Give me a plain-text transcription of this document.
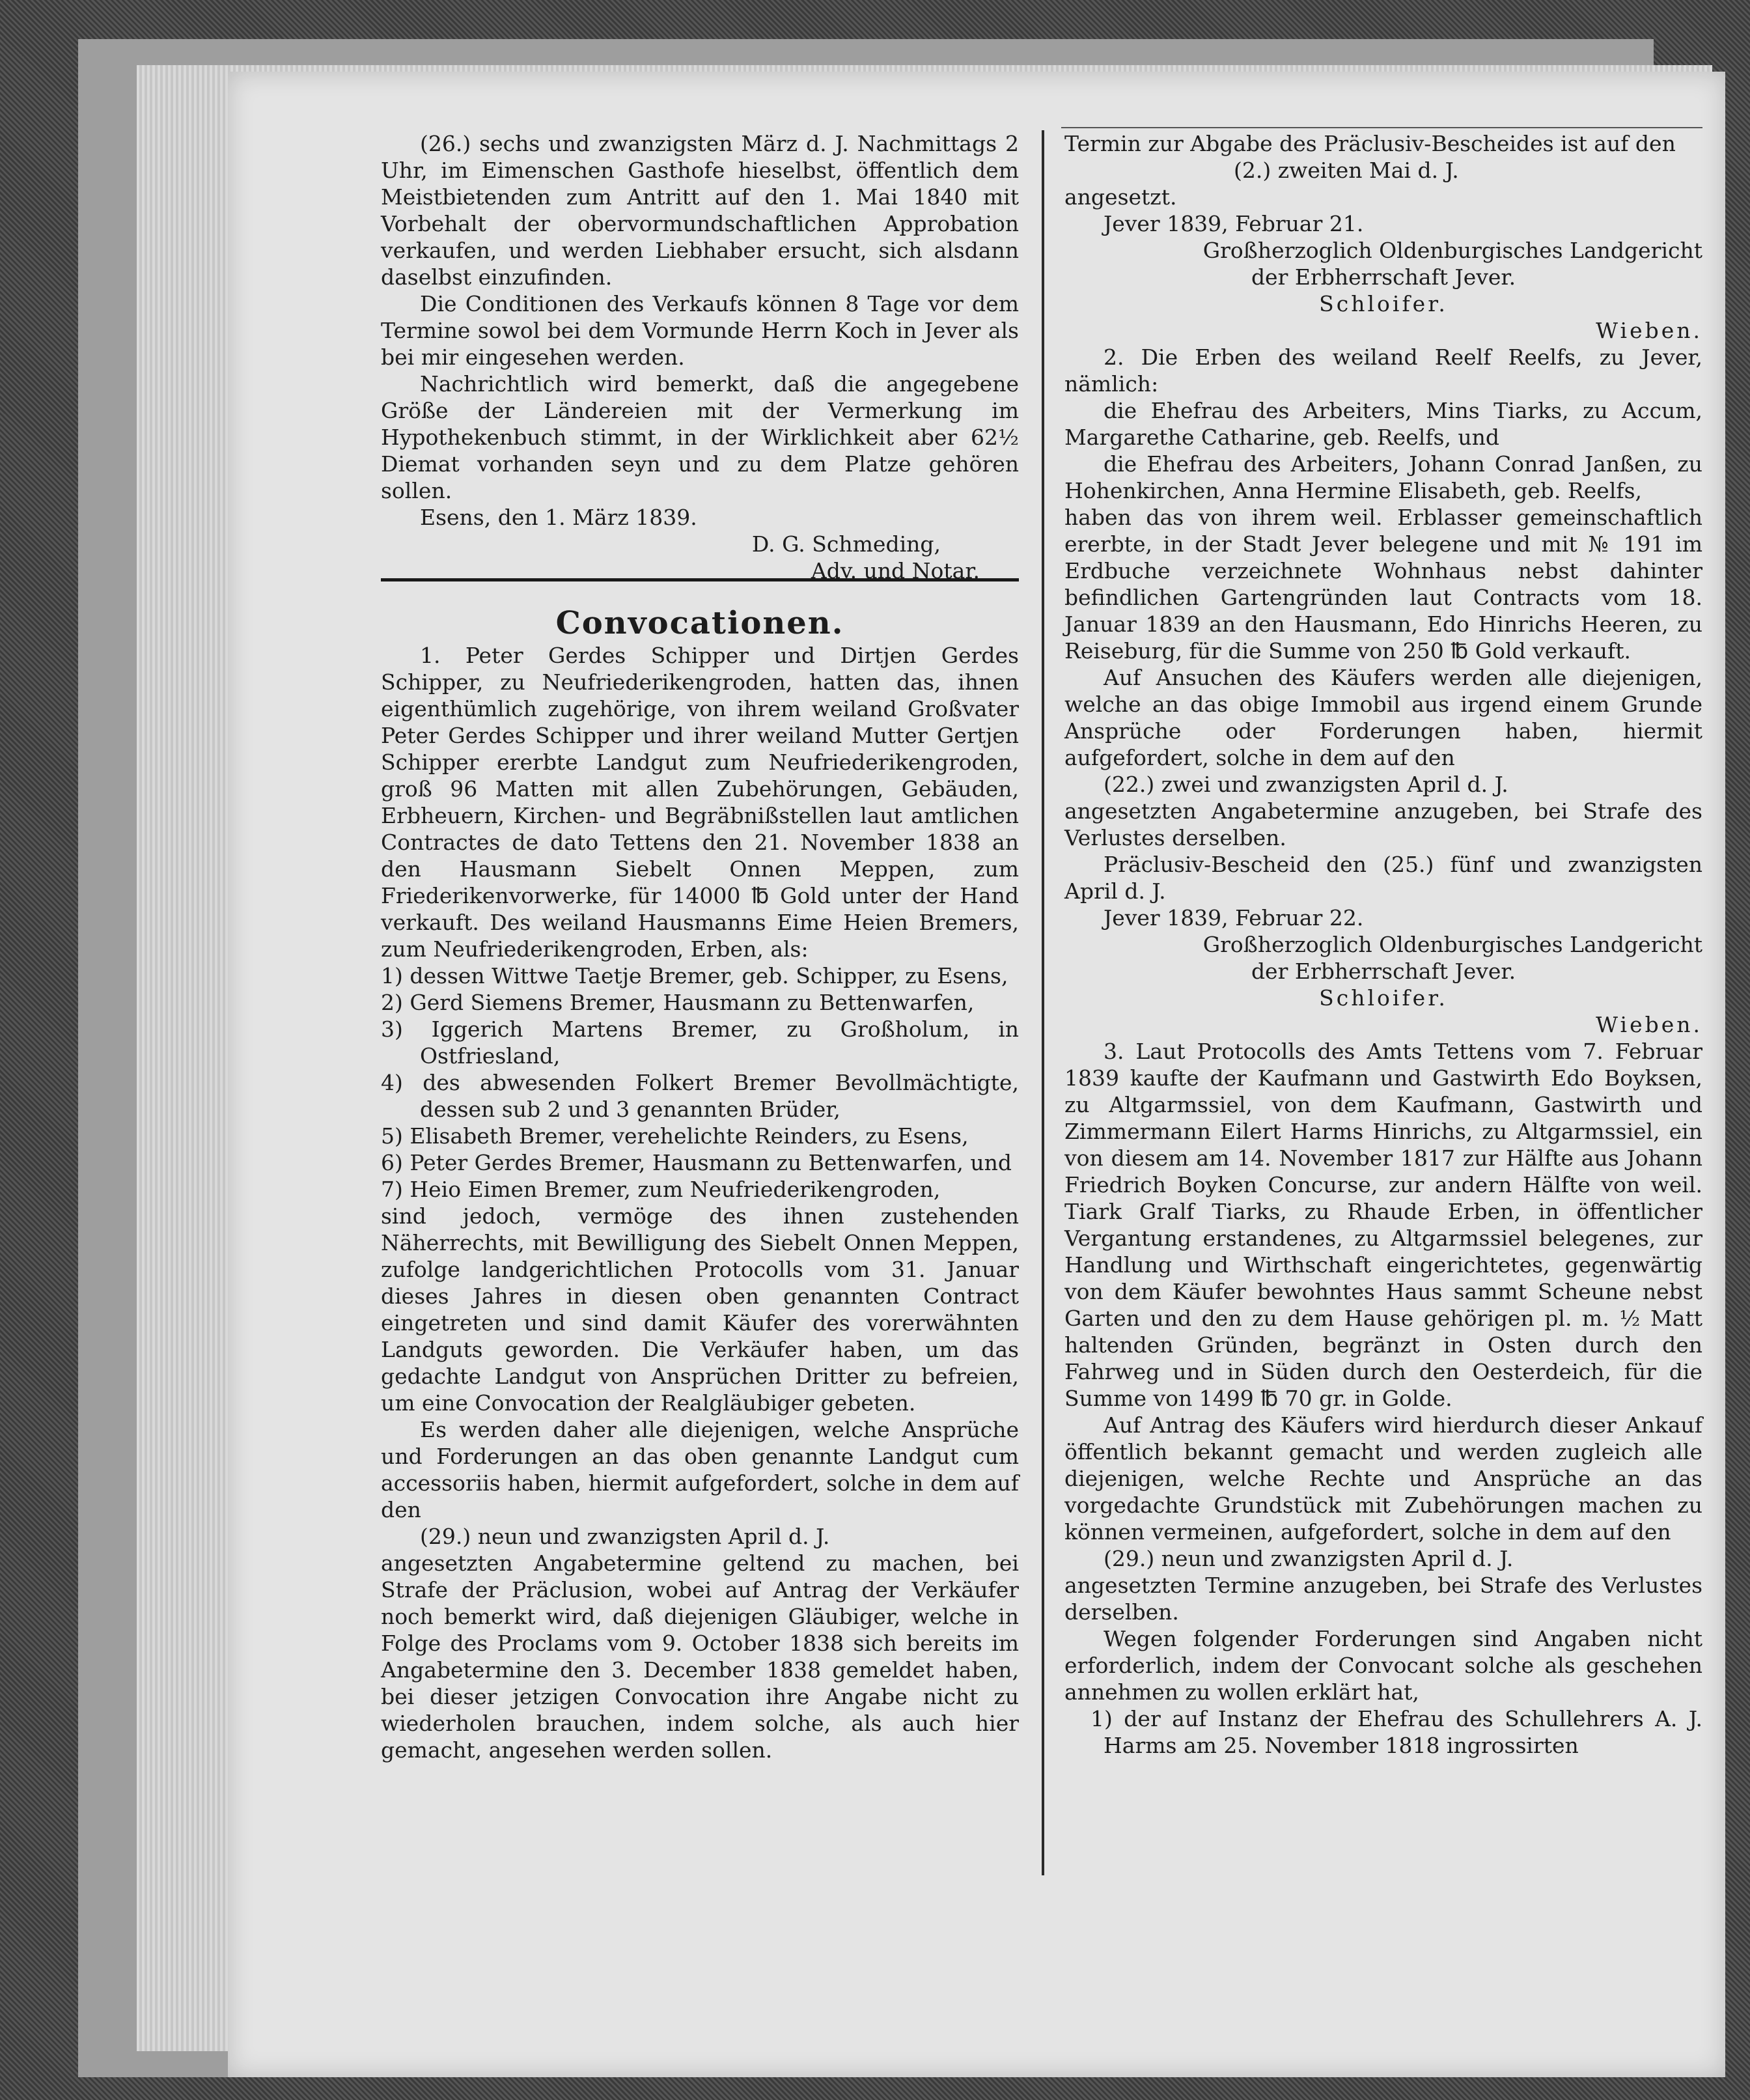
(26.) sechs und zwanzigsten März d. J. Nachmittags 2 Uhr, im Eimenschen Gasthofe hieselbst, öffentlich dem Meistbietenden zum Antritt auf den 1. Mai 1840 mit Vorbehalt der obervormundschaftlichen Approbation verkaufen, und werden Liebhaber ersucht, sich alsdann daselbst einzufinden.

Die Conditionen des Verkaufs können 8 Tage vor dem Termine sowol bei dem Vormunde Herrn Koch in Jever als bei mir eingesehen werden.

Nachrichtlich wird bemerkt, daß die angegebene Größe der Ländereien mit der Vermerkung im Hypothekenbuch stimmt, in der Wirklichkeit aber 62½ Diemat vorhanden seyn und zu dem Platze gehören sollen.

Esens, den 1. März 1839.

D. G. Schmeding,

Adv. und Notar.

Convocationen.

1. Peter Gerdes Schipper und Dirtjen Gerdes Schipper, zu Neufriederikengroden, hatten das, ihnen eigenthümlich zugehörige, von ihrem weiland Großvater Peter Gerdes Schipper und ihrer weiland Mutter Gertjen Schipper ererbte Landgut zum Neufriederikengroden, groß 96 Matten mit allen Zubehörungen, Gebäuden, Erbheuern, Kirchen- und Begräbnißstellen laut amtlichen Contractes de dato Tettens den 21. November 1838 an den Hausmann Siebelt Onnen Meppen, zum Friederikenvorwerke, für 14000 ℔ Gold unter der Hand verkauft. Des weiland Hausmanns Eime Heien Bremers, zum Neufriederikengroden, Erben, als:

1) dessen Wittwe Taetje Bremer, geb. Schipper, zu Esens,

2) Gerd Siemens Bremer, Hausmann zu Bettenwarfen,

3) Iggerich Martens Bremer, zu Großholum, in Ostfriesland,

4) des abwesenden Folkert Bremer Bevollmächtigte, dessen sub 2 und 3 genannten Brüder,

5) Elisabeth Bremer, verehelichte Reinders, zu Esens,

6) Peter Gerdes Bremer, Hausmann zu Bettenwarfen, und

7) Heio Eimen Bremer, zum Neufriederikengroden,

sind jedoch, vermöge des ihnen zustehenden Näherrechts, mit Bewilligung des Siebelt Onnen Meppen, zufolge landgerichtlichen Protocolls vom 31. Januar dieses Jahres in diesen oben genannten Contract eingetreten und sind damit Käufer des vorerwähnten Landguts geworden. Die Verkäufer haben, um das gedachte Landgut von Ansprüchen Dritter zu befreien, um eine Convocation der Realgläubiger gebeten.

Es werden daher alle diejenigen, welche Ansprüche und Forderungen an das oben genannte Landgut cum accessoriis haben, hiermit aufgefordert, solche in dem auf den

(29.) neun und zwanzigsten April d. J.

angesetzten Angabetermine geltend zu machen, bei Strafe der Präclusion, wobei auf Antrag der Verkäufer noch bemerkt wird, daß diejenigen Gläubiger, welche in Folge des Proclams vom 9. October 1838 sich bereits im Angabetermine den 3. December 1838 gemeldet haben, bei dieser jetzigen Convocation ihre Angabe nicht zu wiederholen brauchen, indem solche, als auch hier gemacht, angesehen werden sollen.

Termin zur Abgabe des Präclusiv-Bescheides ist auf den

(2.) zweiten Mai d. J.

angesetzt.

Jever 1839, Februar 21.

Großherzoglich Oldenburgisches Landgericht

der Erbherrschaft Jever.

Schloifer.

Wieben.

2. Die Erben des weiland Reelf Reelfs, zu Jever, nämlich:

die Ehefrau des Arbeiters, Mins Tiarks, zu Accum, Margarethe Catharine, geb. Reelfs, und

die Ehefrau des Arbeiters, Johann Conrad Janßen, zu Hohenkirchen, Anna Hermine Elisabeth, geb. Reelfs,

haben das von ihrem weil. Erblasser gemeinschaftlich ererbte, in der Stadt Jever belegene und mit № 191 im Erdbuche verzeichnete Wohnhaus nebst dahinter befindlichen Gartengründen laut Contracts vom 18. Januar 1839 an den Hausmann, Edo Hinrichs Heeren, zu Reiseburg, für die Summe von 250 ℔ Gold verkauft.

Auf Ansuchen des Käufers werden alle diejenigen, welche an das obige Immobil aus irgend einem Grunde Ansprüche oder Forderungen haben, hiermit aufgefordert, solche in dem auf den

(22.) zwei und zwanzigsten April d. J.

angesetzten Angabetermine anzugeben, bei Strafe des Verlustes derselben.

Präclusiv-Bescheid den (25.) fünf und zwanzigsten April d. J.

Jever 1839, Februar 22.

Großherzoglich Oldenburgisches Landgericht

der Erbherrschaft Jever.

Schloifer.

Wieben.

3. Laut Protocolls des Amts Tettens vom 7. Februar 1839 kaufte der Kaufmann und Gastwirth Edo Boyksen, zu Altgarmssiel, von dem Kaufmann, Gastwirth und Zimmermann Eilert Harms Hinrichs, zu Altgarmssiel, ein von diesem am 14. November 1817 zur Hälfte aus Johann Friedrich Boyken Concurse, zur andern Hälfte von weil. Tiark Gralf Tiarks, zu Rhaude Erben, in öffentlicher Vergantung erstandenes, zu Altgarmssiel belegenes, zur Handlung und Wirthschaft eingerichtetes, gegenwärtig von dem Käufer bewohntes Haus sammt Scheune nebst Garten und den zu dem Hause gehörigen pl. m. ½ Matt haltenden Gründen, begränzt in Osten durch den Fahrweg und in Süden durch den Oesterdeich, für die Summe von 1499 ℔ 70 gr. in Golde.

Auf Antrag des Käufers wird hierdurch dieser Ankauf öffentlich bekannt gemacht und werden zugleich alle diejenigen, welche Rechte und Ansprüche an das vorgedachte Grundstück mit Zubehörungen machen zu können vermeinen, aufgefordert, solche in dem auf den

(29.) neun und zwanzigsten April d. J.

angesetzten Termine anzugeben, bei Strafe des Verlustes derselben.

Wegen folgender Forderungen sind Angaben nicht erforderlich, indem der Convocant solche als geschehen annehmen zu wollen erklärt hat,

1) der auf Instanz der Ehefrau des Schullehrers A. J. Harms am 25. November 1818 ingrossirten
